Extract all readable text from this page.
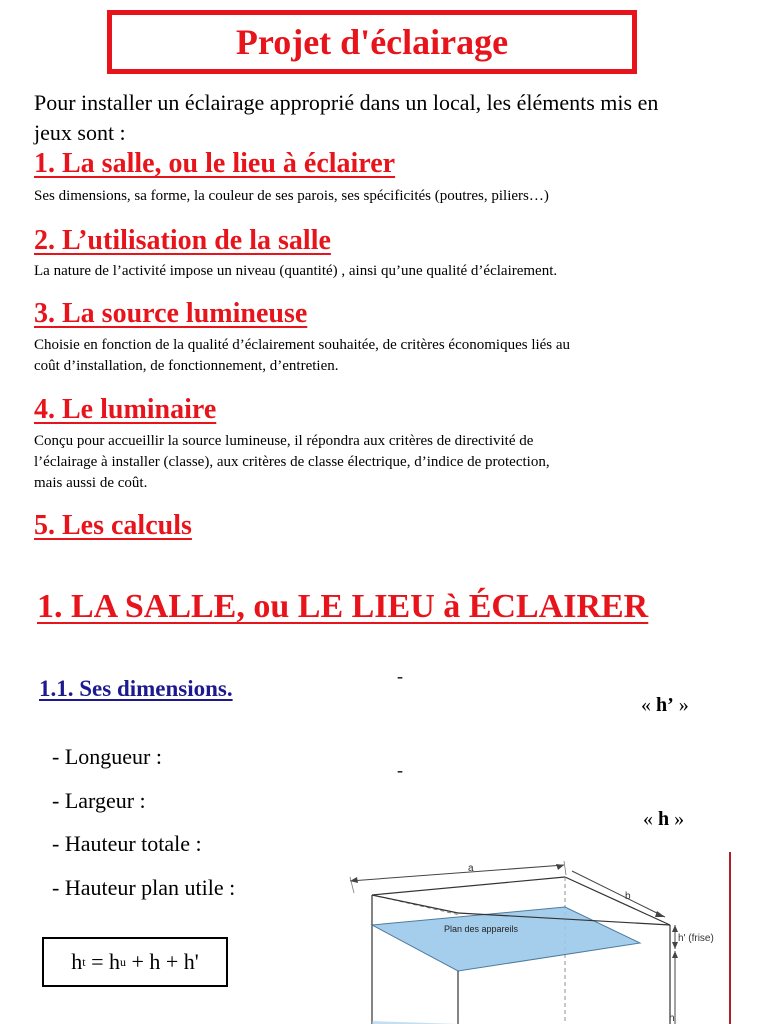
Projet d'éclairage
Pour installer un éclairage approprié dans un local, les éléments mis en jeux sont :
1. La salle, ou le lieu à éclairer
Ses dimensions, sa forme, la couleur de ses parois, ses spécificités (poutres, piliers…)
2. L’utilisation de la salle
La nature de l’activité impose un niveau (quantité) , ainsi qu’une qualité d’éclairement.
3. La source lumineuse
Choisie en fonction de la qualité d’éclairement souhaitée, de critères économiques liés au
coût d’installation, de fonctionnement, d’entretien.
4. Le luminaire
Conçu pour accueillir la source lumineuse, il répondra aux critères de directivité de
l’éclairage à installer (classe), aux critères de classe électrique, d’indice de protection,
mais aussi de coût.
5. Les calculs
1. LA SALLE, ou LE LIEU à ÉCLAIRER
1.1. Ses dimensions.	-
-
« h’ »
« h »
- Longueur :
- Largeur :
- Hauteur totale :
- Hauteur plan utile :
h t = h u + h + h'
a
b
Plan des appareils
h' (frise)
h
